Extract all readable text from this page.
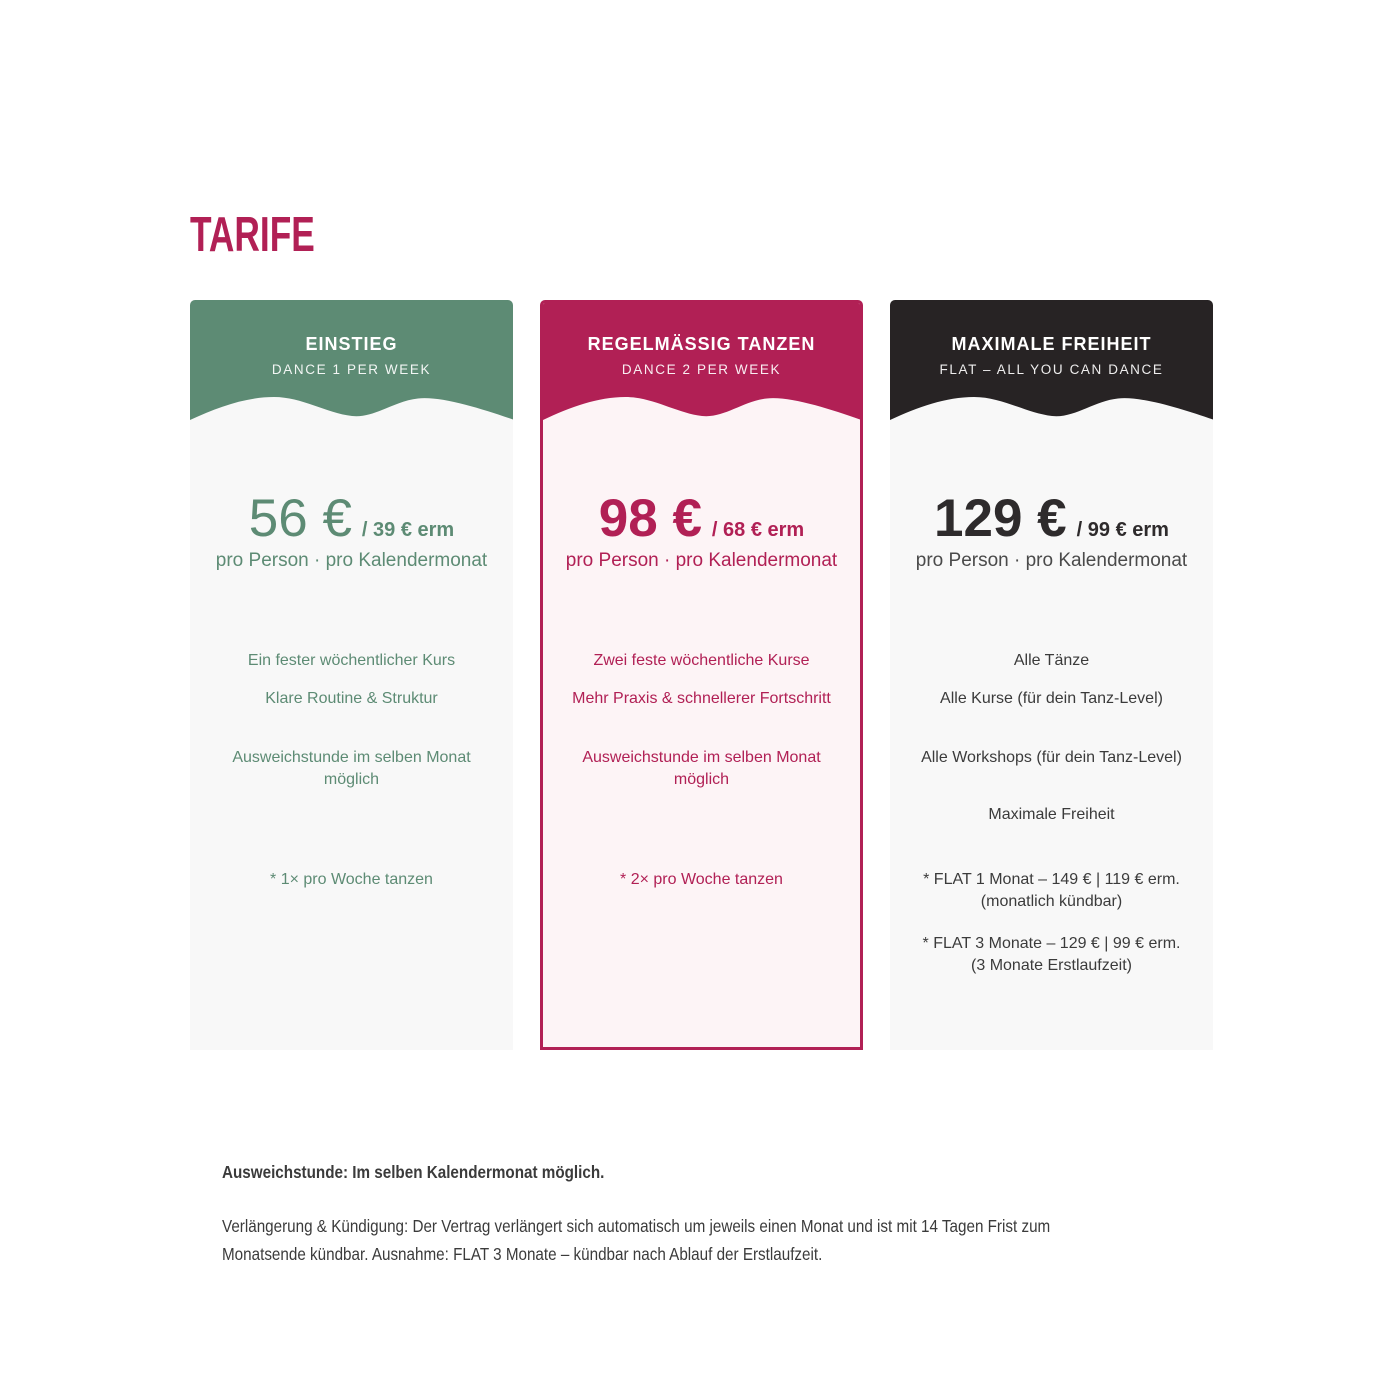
TARIFE
EINSTIEG
DANCE 1 PER WEEK
56 € / 39 € erm
pro Person · pro Kalendermonat
Ein fester wöchentlicher Kurs
Klare Routine & Struktur
Ausweichstunde im selben Monat möglich
* 1× pro Woche tanzen
REGELMÄSSIG TANZEN
DANCE 2 PER WEEK
98 € / 68 € erm
pro Person · pro Kalendermonat
Zwei feste wöchentliche Kurse
Mehr Praxis & schnellerer Fortschritt
Ausweichstunde im selben Monat möglich
* 2× pro Woche tanzen
MAXIMALE FREIHEIT
FLAT – ALL YOU CAN DANCE
129 € / 99 € erm
pro Person · pro Kalendermonat
Alle Tänze
Alle Kurse (für dein Tanz-Level)
Alle Workshops (für dein Tanz-Level)
Maximale Freiheit
* FLAT 1 Monat – 149 € | 119 € erm.
(monatlich kündbar)
* FLAT 3 Monate – 129 € | 99 € erm.
(3 Monate Erstlaufzeit)
Ausweichstunde: Im selben Kalendermonat möglich.
Verlängerung & Kündigung: Der Vertrag verlängert sich automatisch um jeweils einen Monat und ist mit 14 Tagen Frist zum Monatsende kündbar. Ausnahme: FLAT 3 Monate – kündbar nach Ablauf der Erstlaufzeit.
